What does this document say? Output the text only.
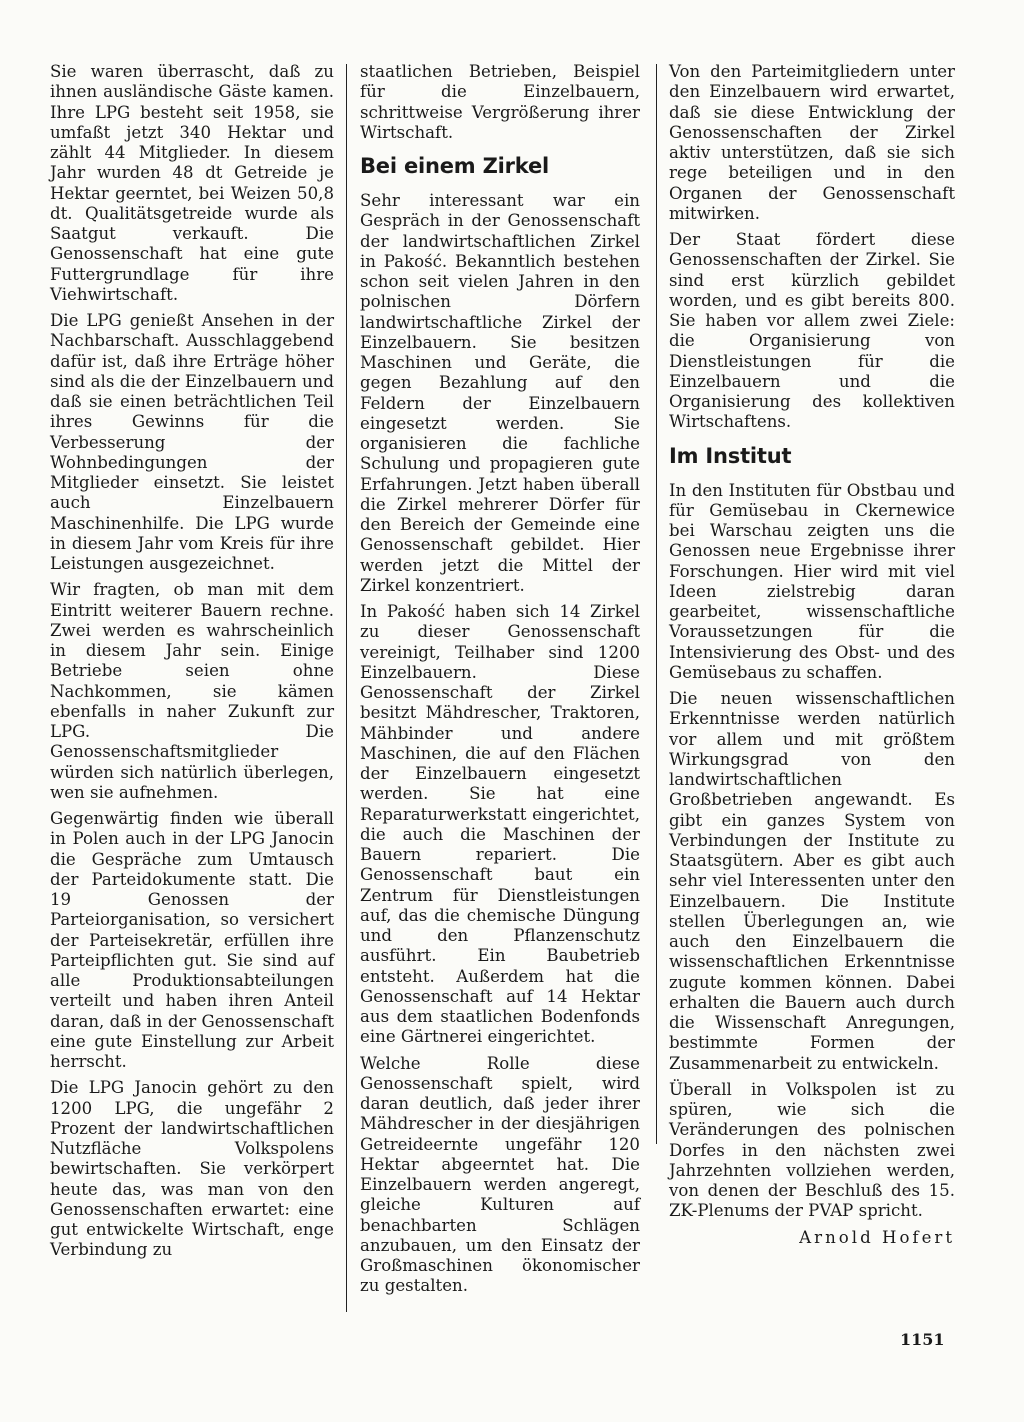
Sie waren überrascht, daß zu ihnen ausländische Gäste kamen. Ihre LPG besteht seit 1958, sie umfaßt jetzt 340 Hektar und zählt 44 Mitglieder. In diesem Jahr wurden 48 dt Getreide je Hektar geerntet, bei Weizen 50,8 dt. Qualitätsgetreide wurde als Saatgut verkauft. Die Genossenschaft hat eine gute Futtergrundlage für ihre Viehwirtschaft.

Die LPG genießt Ansehen in der Nachbarschaft. Ausschlaggebend dafür ist, daß ihre Erträge höher sind als die der Einzelbauern und daß sie einen beträchtlichen Teil ihres Gewinns für die Verbesserung der Wohnbedingungen der Mitglieder einsetzt. Sie leistet auch Einzelbauern Maschinenhilfe. Die LPG wurde in diesem Jahr vom Kreis für ihre Leistungen ausgezeichnet.

Wir fragten, ob man mit dem Eintritt weiterer Bauern rechne. Zwei werden es wahrscheinlich in diesem Jahr sein. Einige Betriebe seien ohne Nachkommen, sie kämen ebenfalls in naher Zukunft zur LPG. Die Genossenschaftsmitglieder würden sich natürlich überlegen, wen sie aufnehmen.

Gegenwärtig finden wie überall in Polen auch in der LPG Janocin die Gespräche zum Umtausch der Parteidokumente statt. Die 19 Genossen der Parteiorganisation, so versichert der Parteisekretär, erfüllen ihre Parteipflichten gut. Sie sind auf alle Produktionsabteilungen verteilt und haben ihren Anteil daran, daß in der Genossenschaft eine gute Einstellung zur Arbeit herrscht.

Die LPG Janocin gehört zu den 1200 LPG, die ungefähr 2 Prozent der landwirtschaftlichen Nutzfläche Volkspolens bewirtschaften. Sie verkörpert heute das, was man von den Genossenschaften erwartet: eine gut entwickelte Wirtschaft, enge Verbindung zu

staatlichen Betrieben, Beispiel für die Einzelbauern, schrittweise Vergrößerung ihrer Wirtschaft.

Bei einem Zirkel

Sehr interessant war ein Gespräch in der Genossenschaft der landwirtschaftlichen Zirkel in Pakość. Bekanntlich bestehen schon seit vielen Jahren in den polnischen Dörfern landwirtschaftliche Zirkel der Einzelbauern. Sie besitzen Maschinen und Geräte, die gegen Bezahlung auf den Feldern der Einzelbauern eingesetzt werden. Sie organisieren die fachliche Schulung und propagieren gute Erfahrungen. Jetzt haben überall die Zirkel mehrerer Dörfer für den Bereich der Gemeinde eine Genossenschaft gebildet. Hier werden jetzt die Mittel der Zirkel konzentriert.

In Pakość haben sich 14 Zirkel zu dieser Genossenschaft vereinigt, Teilhaber sind 1200 Einzelbauern. Diese Genossenschaft der Zirkel besitzt Mähdrescher, Traktoren, Mähbinder und andere Maschinen, die auf den Flächen der Einzelbauern eingesetzt werden. Sie hat eine Reparaturwerkstatt eingerichtet, die auch die Maschinen der Bauern repariert. Die Genossenschaft baut ein Zentrum für Dienstleistungen auf, das die chemische Düngung und den Pflanzenschutz ausführt. Ein Baubetrieb entsteht. Außerdem hat die Genossenschaft auf 14 Hektar aus dem staatlichen Bodenfonds eine Gärtnerei eingerichtet.

Welche Rolle diese Genossenschaft spielt, wird daran deutlich, daß jeder ihrer Mähdrescher in der diesjährigen Getreideernte ungefähr 120 Hektar abgeerntet hat. Die Einzelbauern werden angeregt, gleiche Kulturen auf benachbarten Schlägen anzubauen, um den Einsatz der Großmaschinen ökonomischer zu gestalten.

Von den Parteimitgliedern unter den Einzelbauern wird erwartet, daß sie diese Entwicklung der Genossenschaften der Zirkel aktiv unterstützen, daß sie sich rege beteiligen und in den Organen der Genossenschaft mitwirken.

Der Staat fördert diese Genossenschaften der Zirkel. Sie sind erst kürzlich gebildet worden, und es gibt bereits 800. Sie haben vor allem zwei Ziele: die Organisierung von Dienstleistungen für die Einzelbauern und die Organisierung des kollektiven Wirtschaftens.

Im Institut

In den Instituten für Obstbau und für Gemüsebau in Ckernewice bei Warschau zeigten uns die Genossen neue Ergebnisse ihrer Forschungen. Hier wird mit viel Ideen zielstrebig daran gearbeitet, wissenschaftliche Voraussetzungen für die Intensivierung des Obst- und des Gemüsebaus zu schaffen.

Die neuen wissenschaftlichen Erkenntnisse werden natürlich vor allem und mit größtem Wirkungsgrad von den landwirtschaftlichen Großbetrieben angewandt. Es gibt ein ganzes System von Verbindungen der Institute zu Staatsgütern. Aber es gibt auch sehr viel Interessenten unter den Einzelbauern. Die Institute stellen Überlegungen an, wie auch den Einzelbauern die wissenschaftlichen Erkenntnisse zugute kommen können. Dabei erhalten die Bauern auch durch die Wissenschaft Anregungen, bestimmte Formen der Zusammenarbeit zu entwickeln.

Überall in Volkspolen ist zu spüren, wie sich die Veränderungen des polnischen Dorfes in den nächsten zwei Jahrzehnten vollziehen werden, von denen der Beschluß des 15. ZK-Plenums der PVAP spricht.

Arnold Hofert
1151
